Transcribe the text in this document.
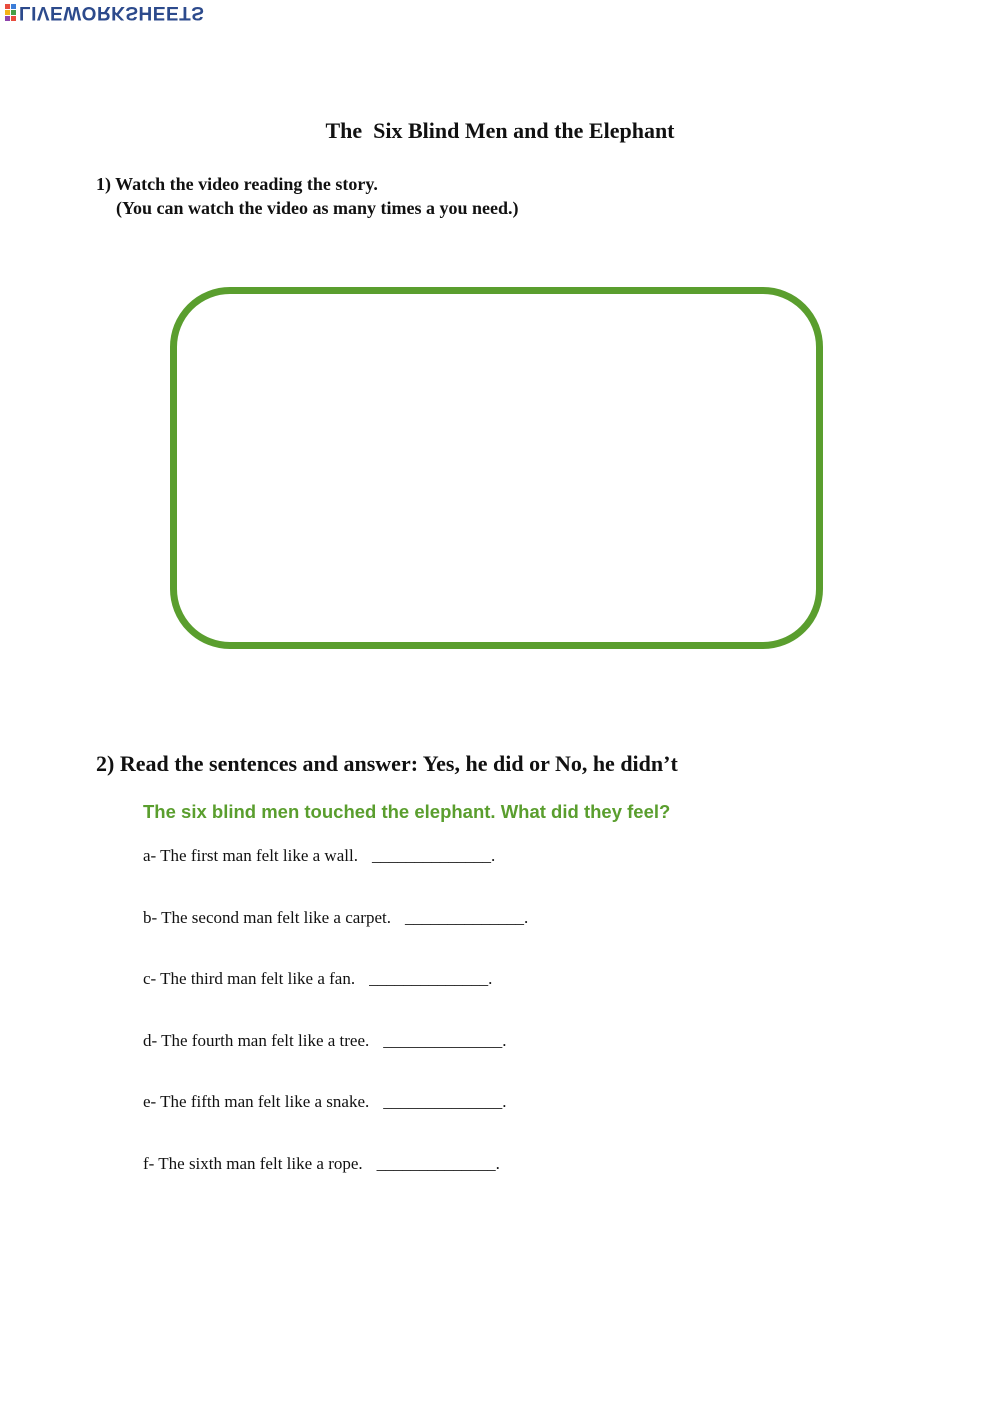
LIVEWORKSHEETS
The  Six Blind Men and the Elephant
1) Watch the video reading the story.
(You can watch the video as many times a you need.)
2) Read the sentences and answer: Yes, he did or No, he didn’t
The six blind men touched the elephant. What did they feel?
a- The first man felt like a wall. ______________.
b- The second man felt like a carpet. ______________.
c- The third man felt like a fan. ______________.
d- The fourth man felt like a tree. ______________.
e- The fifth man felt like a snake. ______________.
f- The sixth man felt like a rope. ______________.
